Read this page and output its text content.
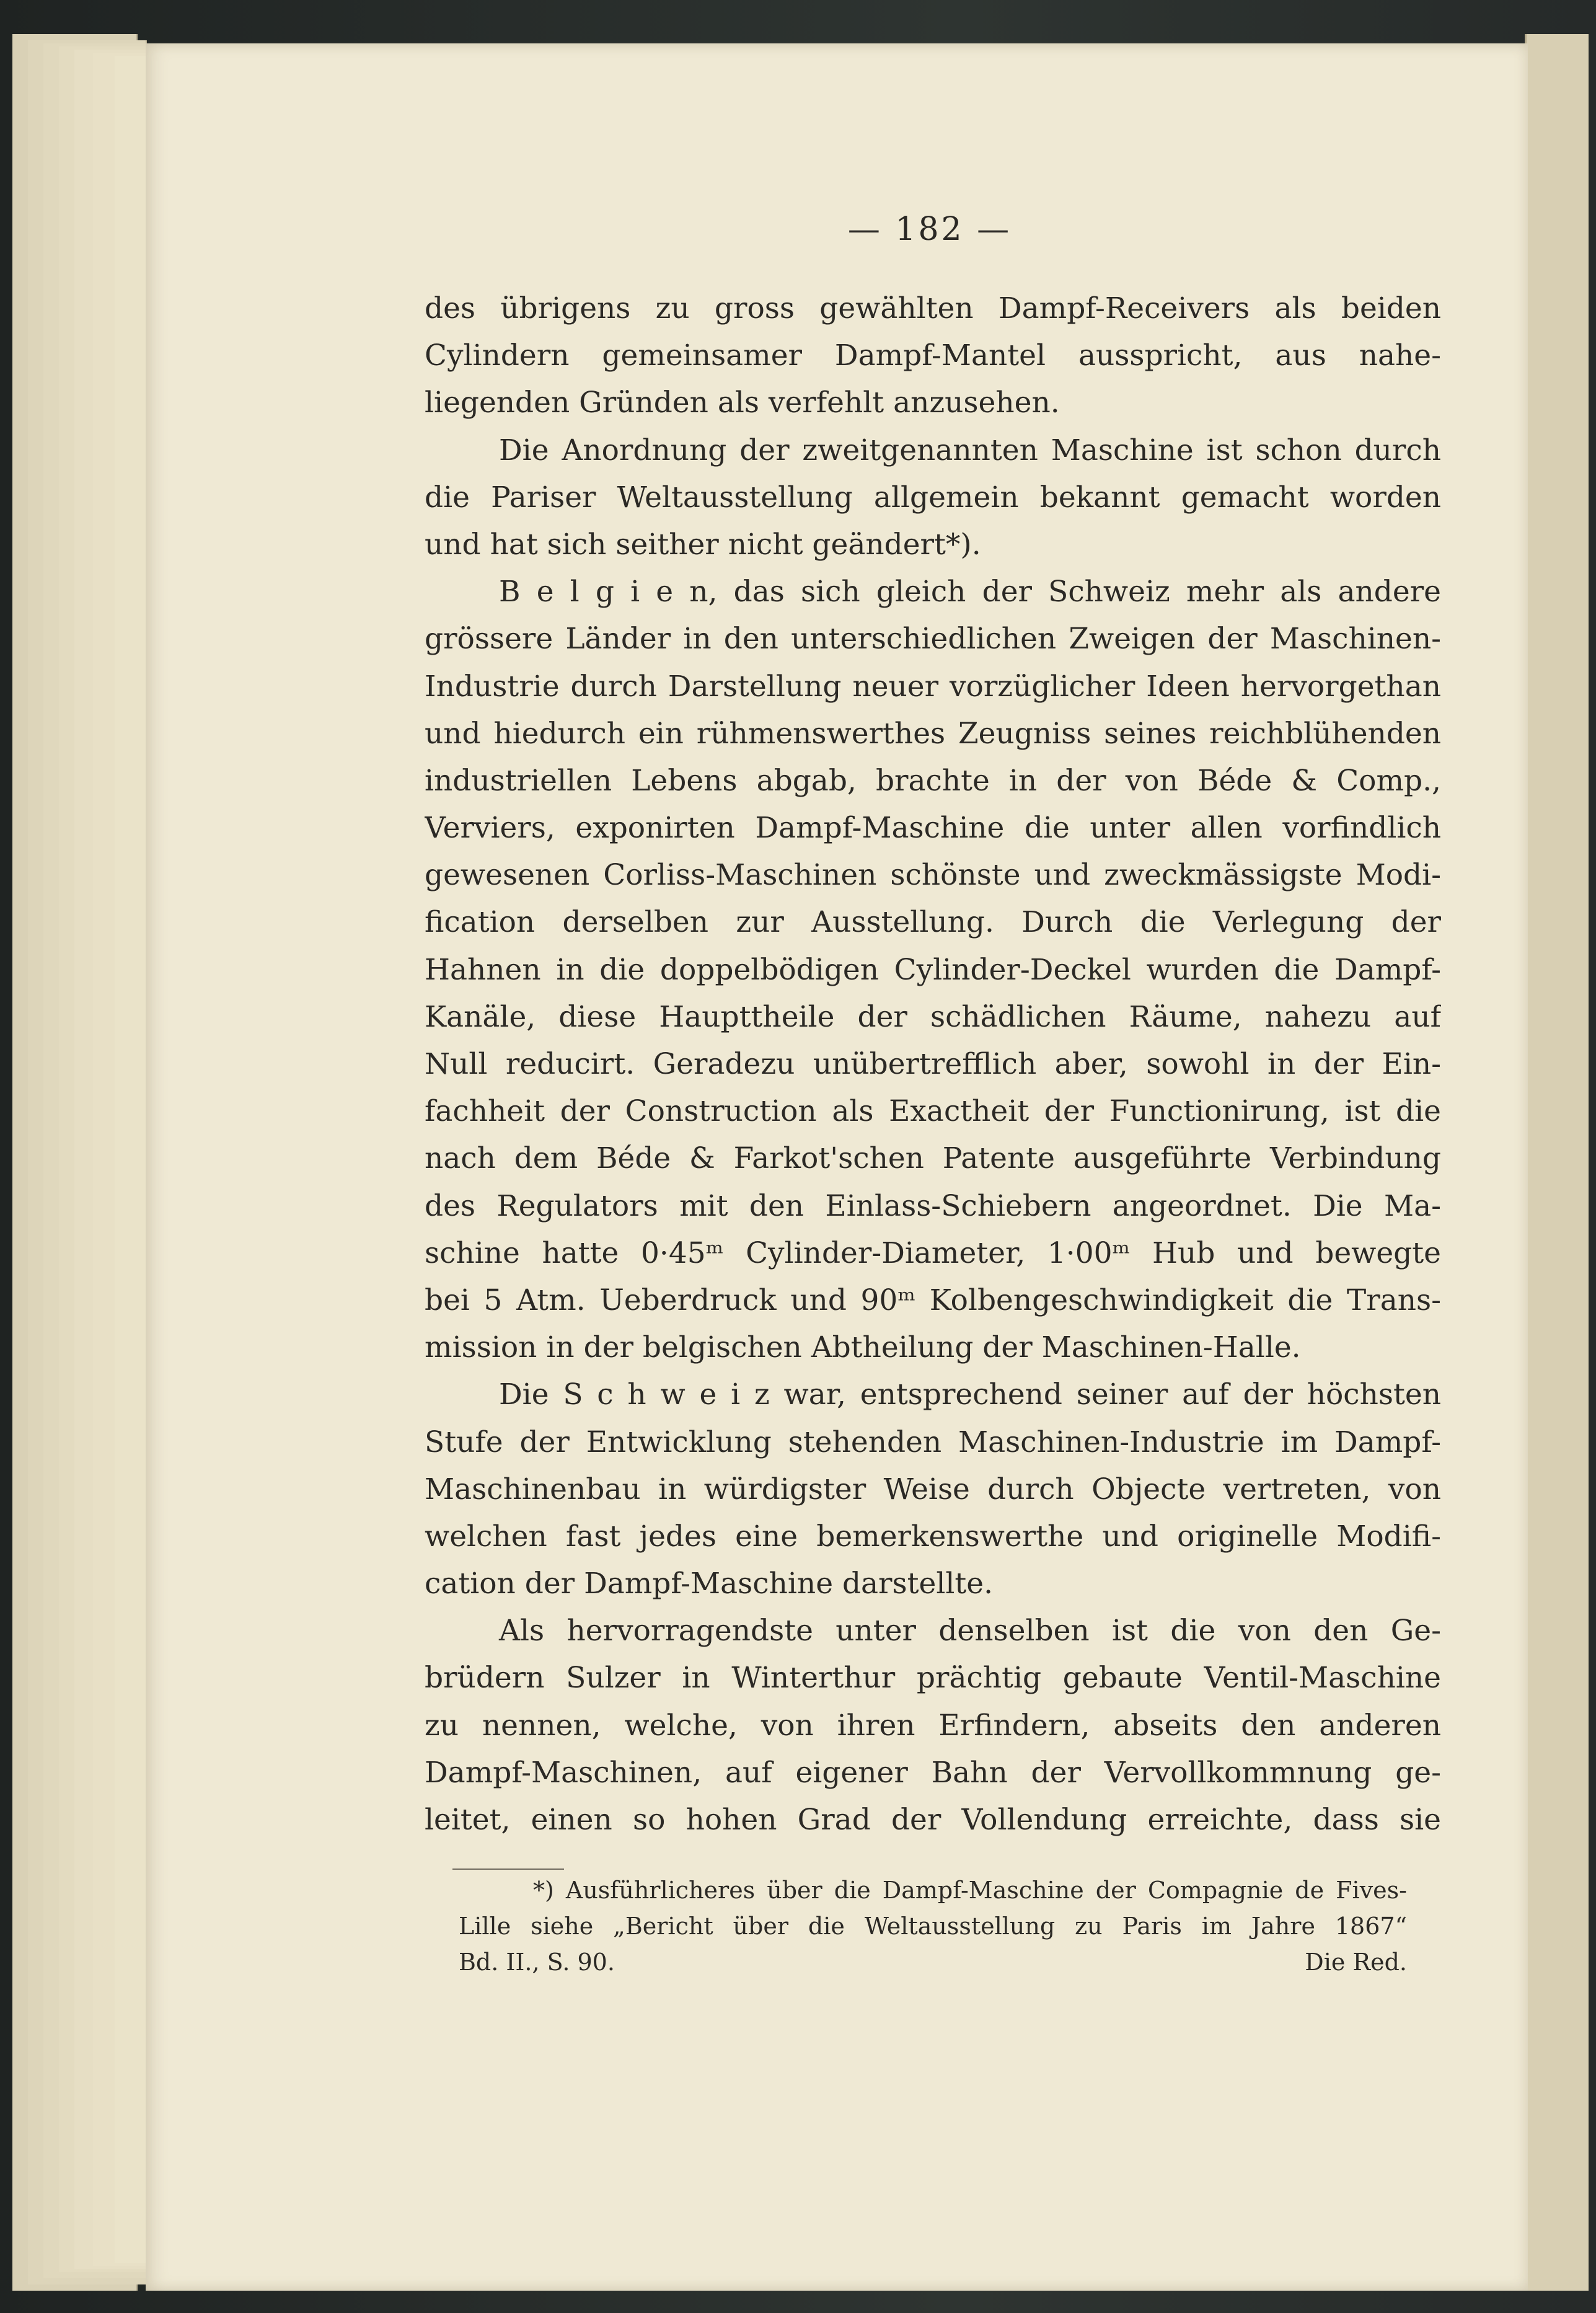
— 182 —
des übrigens zu gross gewählten Dampf-Receivers als beiden
Cylindern gemeinsamer Dampf-Mantel ausspricht, aus nahe-
liegenden Gründen als verfehlt anzusehen.
Die Anordnung der zweitgenannten Maschine ist schon durch
die Pariser Weltausstellung allgemein bekannt gemacht worden
und hat sich seither nicht geändert*).
B e l g i e n, das sich gleich der Schweiz mehr als andere
grössere Länder in den unterschiedlichen Zweigen der Maschinen-
Industrie durch Darstellung neuer vorzüglicher Ideen hervorgethan
und hiedurch ein rühmenswerthes Zeugniss seines reichblühenden
industriellen Lebens abgab, brachte in der von Béde & Comp.,
Verviers, exponirten Dampf-Maschine die unter allen vorfindlich
gewesenen Corliss-Maschinen schönste und zweckmässigste Modi-
fication derselben zur Ausstellung. Durch die Verlegung der
Hahnen in die doppelbödigen Cylinder-Deckel wurden die Dampf-
Kanäle, diese Haupttheile der schädlichen Räume, nahezu auf
Null reducirt. Geradezu unübertrefflich aber, sowohl in der Ein-
fachheit der Construction als Exactheit der Functionirung, ist die
nach dem Béde & Farkot'schen Patente ausgeführte Verbindung
des Regulators mit den Einlass-Schiebern angeordnet. Die Ma-
schine hatte 0·45ᵐ Cylinder-Diameter, 1·00ᵐ Hub und bewegte
bei 5 Atm. Ueberdruck und 90ᵐ Kolbengeschwindigkeit die Trans-
mission in der belgischen Abtheilung der Maschinen-Halle.
Die S c h w e i z war, entsprechend seiner auf der höchsten
Stufe der Entwicklung stehenden Maschinen-Industrie im Dampf-
Maschinenbau in würdigster Weise durch Objecte vertreten, von
welchen fast jedes eine bemerkenswerthe und originelle Modifi-
cation der Dampf-Maschine darstellte.
Als hervorragendste unter denselben ist die von den Ge-
brüdern Sulzer in Winterthur prächtig gebaute Ventil-Maschine
zu nennen, welche, von ihren Erfindern, abseits den anderen
Dampf-Maschinen, auf eigener Bahn der Vervollkommnung ge-
leitet, einen so hohen Grad der Vollendung erreichte, dass sie
*) Ausführlicheres über die Dampf-Maschine der Compagnie de Fives-
Lille siehe „Bericht über die Weltausstellung zu Paris im Jahre 1867“
Bd. II., S. 90.	Die Red.
